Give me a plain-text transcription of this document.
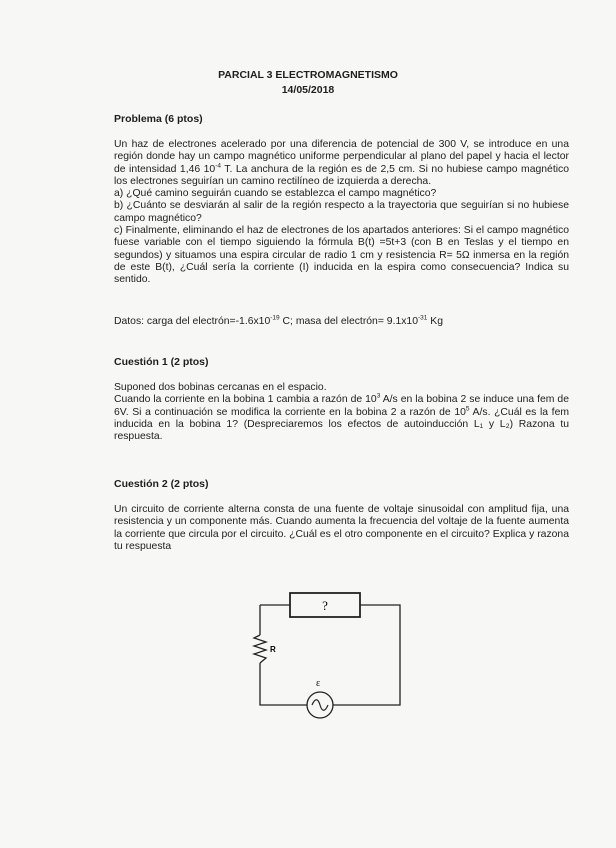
PARCIAL 3 ELECTROMAGNETISMO
14/05/2018
Problema (6 ptos)

Un haz de electrones acelerado por una diferencia de potencial de 300 V, se introduce en una región donde hay un campo magnético uniforme perpendicular al plano del papel y hacia el lector de intensidad 1,46 $10^{-4}$ T. La anchura de la región es de 2,5 cm. Si no hubiese campo magnético los electrones seguirían un camino rectilíneo de izquierda a derecha.

a) ¿Qué camino seguirán cuando se establezca el campo magnético?

b) ¿Cuánto se desviarán al salir de la región respecto a la trayectoria que seguirían si no hubiese campo magnético?

c) Finalmente, eliminando el haz de electrones de los apartados anteriores: Si el campo magnético fuese variable con el tiempo siguiendo la fórmula B(t) =5t+3 (con B en Teslas y el tiempo en segundos) y situamos una espira circular de radio 1 cm y resistencia R= 5Ω inmersa en la región de este B(t), ¿Cuál sería la corriente (I) inducida en la espira como consecuencia? Indica su sentido.

Datos: carga del $electrón=-1.6x10^{-19}$ C; masa del electrón= $9.1x10^{-31}$ Kg

Cuestión 1 (2 ptos)

Suponed dos bobinas cercanas en el espacio.

Cuando la corriente en la bobina 1 cambia a razón de $10^3$ A/s en la bobina 2 se induce una fem de 6V. Si a continuación se modifica la corriente en la bobina 2 a razón de $10^5$ A/s. ¿Cuál es la fem inducida en la bobina 1? (Despreciaremos los efectos de autoinducción L₁ y L₂) Razona tu respuesta.

Cuestión 2 (2 ptos)

Un circuito de corriente alterna consta de una fuente de voltaje sinusoidal con amplitud fija, una resistencia y un componente más. Cuando aumenta la frecuencia del voltaje de la fuente aumenta la corriente que circula por el circuito. ¿Cuál es el otro componente en el circuito? Explica y razona tu respuesta

?
R
ε
